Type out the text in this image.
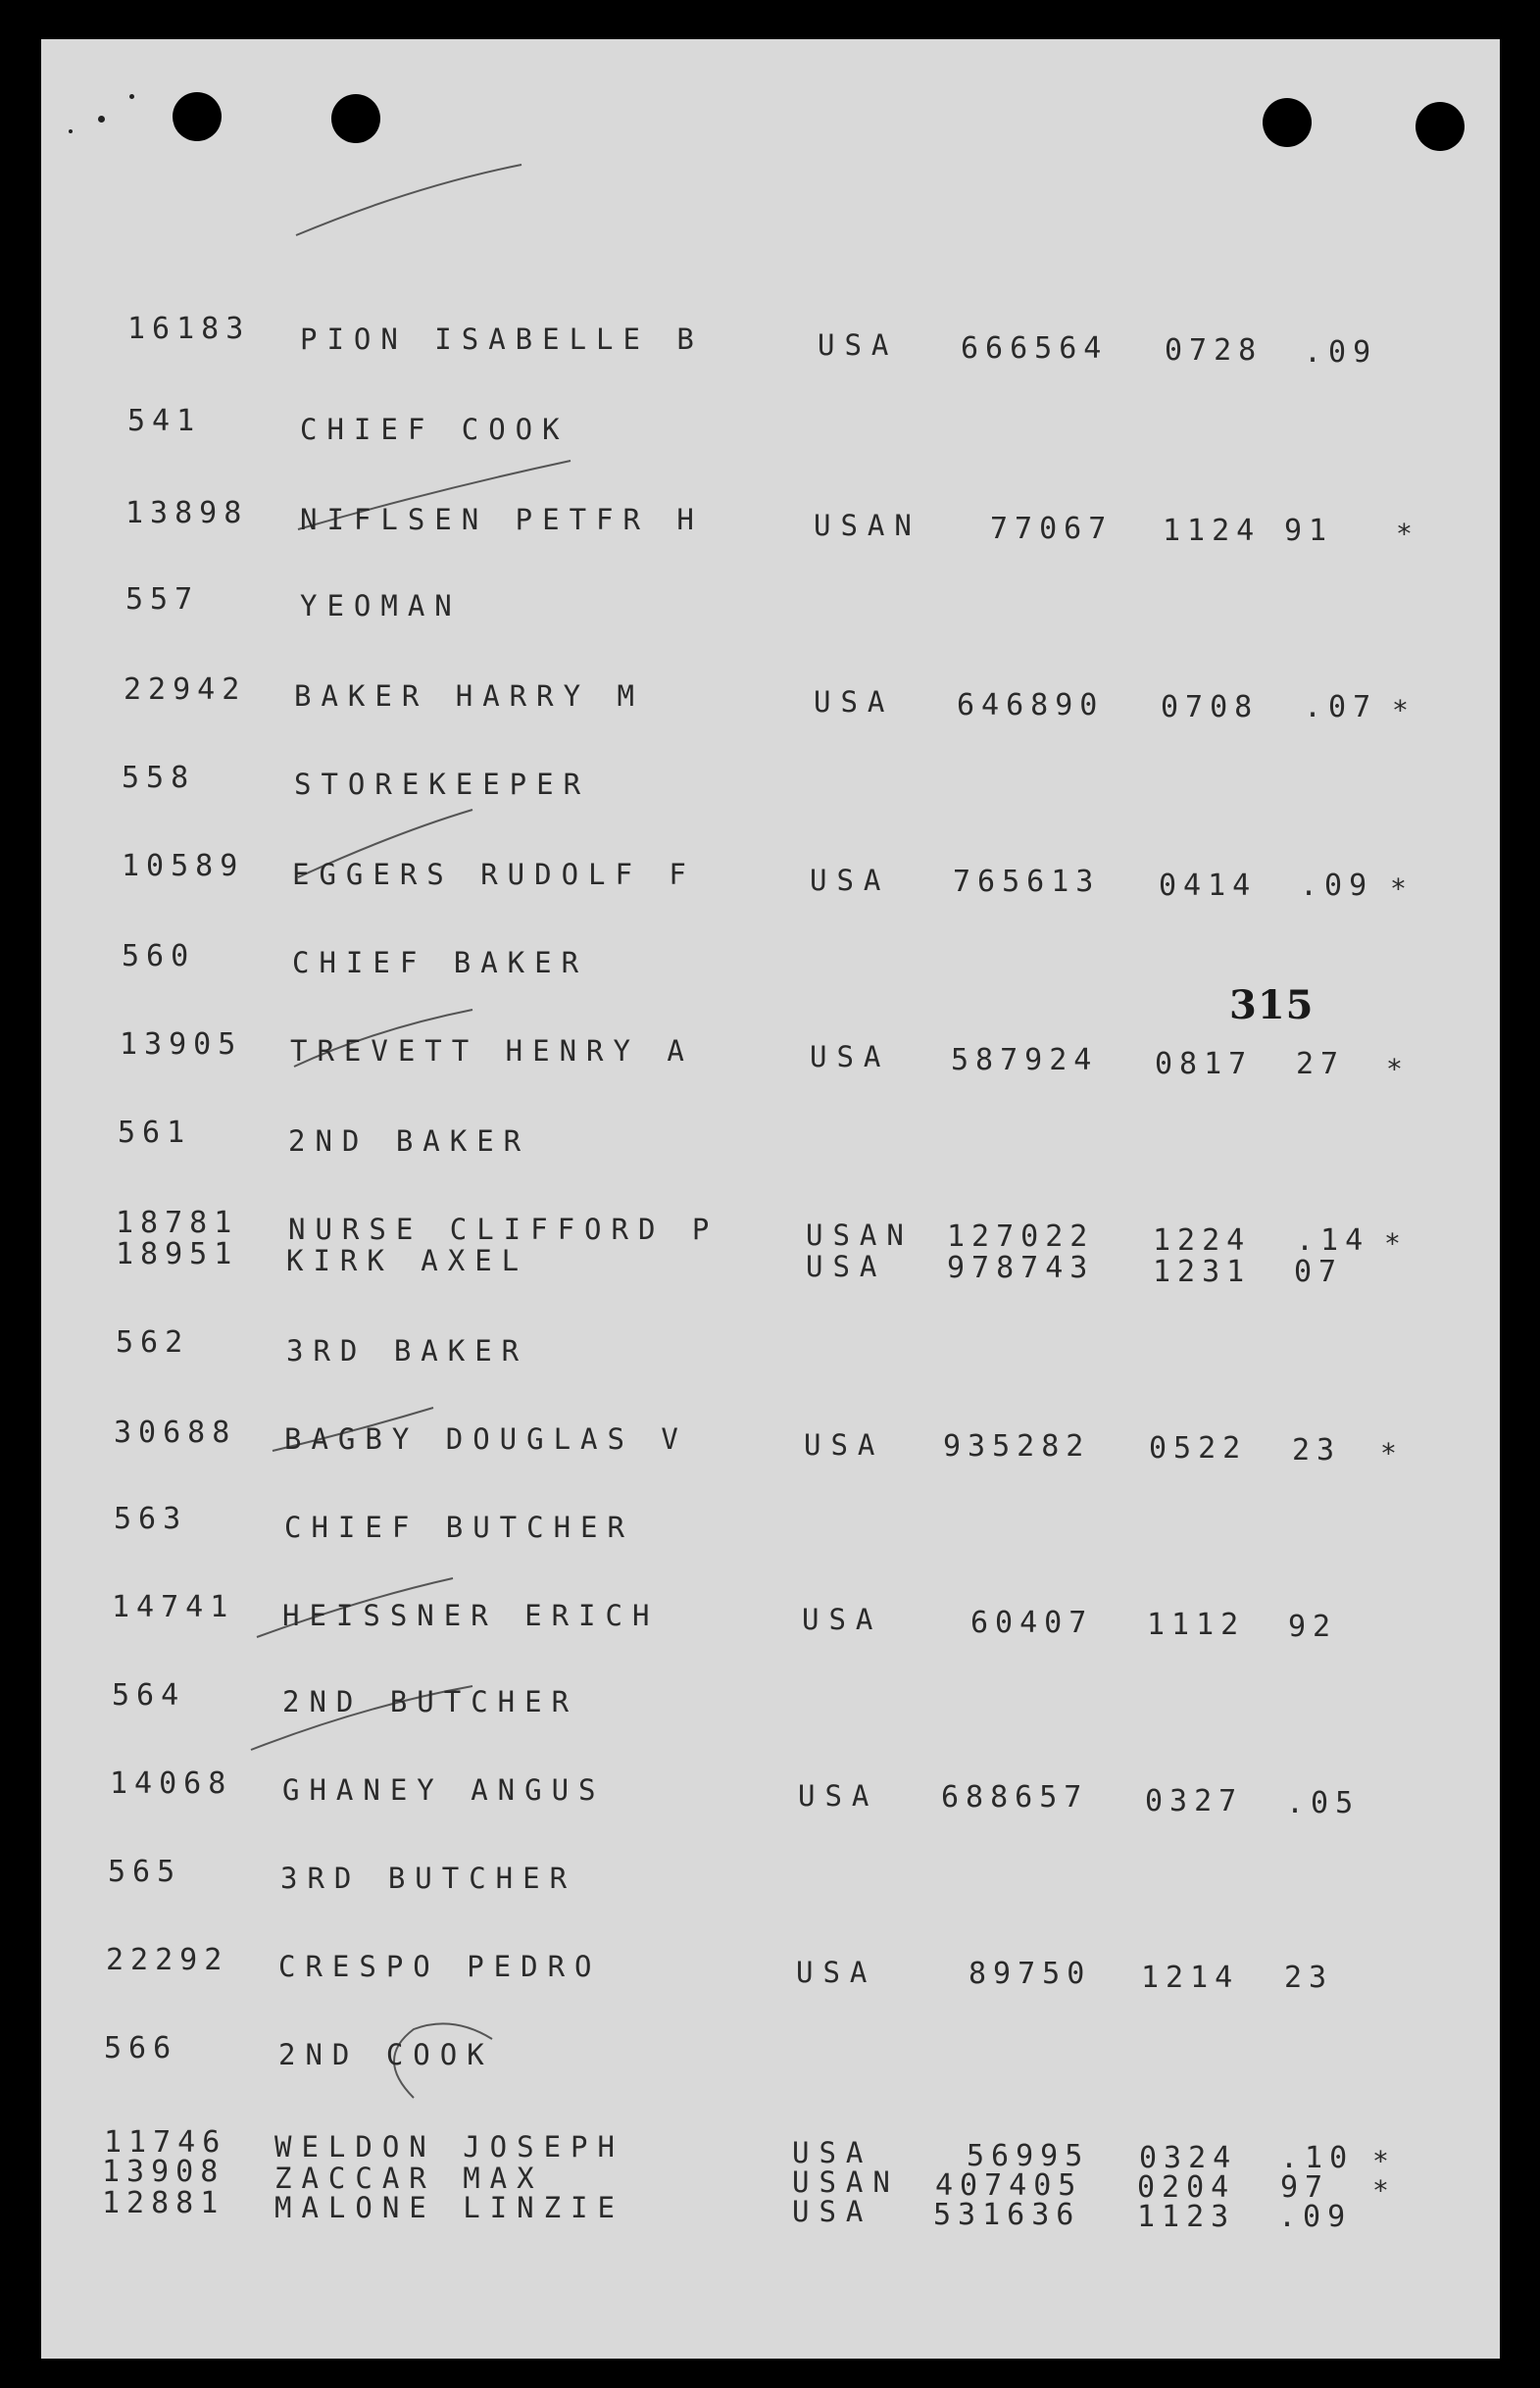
315
16183 PION ISABELLE B	USA 666564 0728 .09
541	CHIEF COOK
13898 NIFLSEN PETFR H	USAN 77067 1124 91 *
557	YEOMAN
22942 BAKER HARRY M	USA 646890 0708 .07 *
558	STOREKEEPER
10589 EGGERS RUDOLF F	USA 765613 0414 .09 *
560	CHIEF BAKER
13905 TREVETT HENRY A	USA 587924 0817 27 *
561	2ND BAKER
18781 NURSE CLIFFORD P	USAN 127022 1224 .14 *
18951 KIRK AXEL	USA 978743 1231 07
562	3RD BAKER
30688 BAGBY DOUGLAS V	USA 935282 0522 23 *
563	CHIEF BUTCHER
14741 HEISSNER ERICH	USA	60407 1112 92
564	2ND BUTCHER
14068 GHANEY ANGUS	USA 688657 0327 .05
565	3RD BUTCHER
22292 CRESPO PEDRO	USA	89750 1214 23
566	2ND COOK
11746 WELDON JOSEPH	USA	56995 0324 .10 *
13908 ZACCAR MAX	USAN 407405 0204 97 *
12881 MALONE LINZIE	USA 531636 1123 .09
